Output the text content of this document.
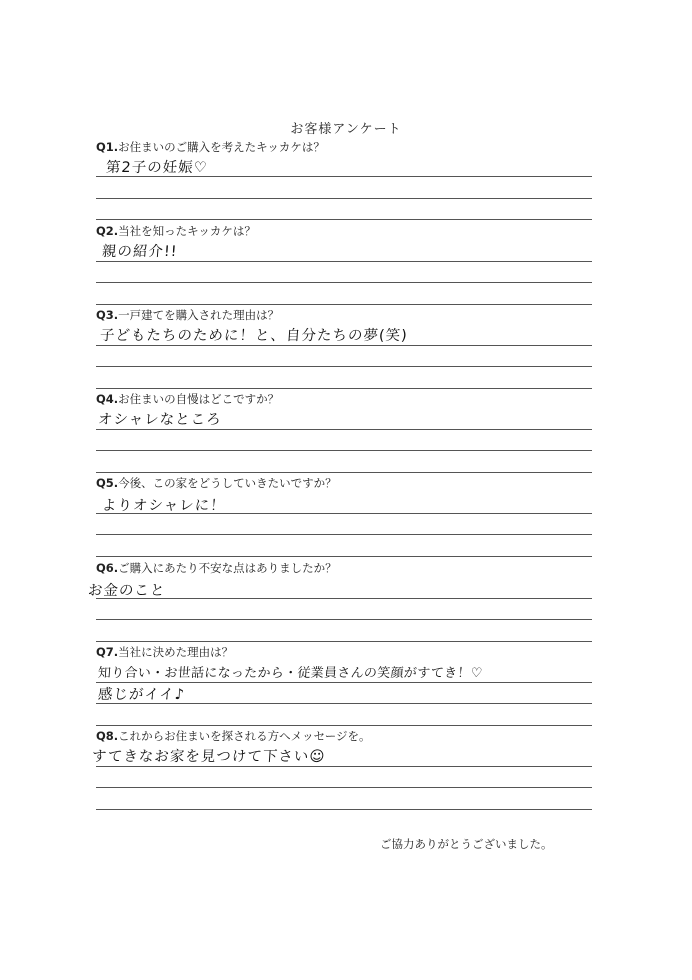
お客様アンケート
Q1.お住まいのご購入を考えたキッカケは？
第2子の妊娠♡
Q2.当社を知ったキッカケは？
親の紹介!!
Q3.一戸建てを購入された理由は？
子どもたちのために！と、自分たちの夢(笑)
Q4.お住まいの自慢はどこですか？
オシャレなところ
Q5.今後、この家をどうしていきたいですか？
よりオシャレに！
Q6.ご購入にあたり不安な点はありましたか？
お金のこと
Q7.当社に決めた理由は？
知り合い・お世話になったから・従業員さんの笑顔がすてき！♡
感じがイイ♪
Q8.これからお住まいを探される方へメッセージを。
すてきなお家を見つけて下さい☺
ご協力ありがとうございました。
